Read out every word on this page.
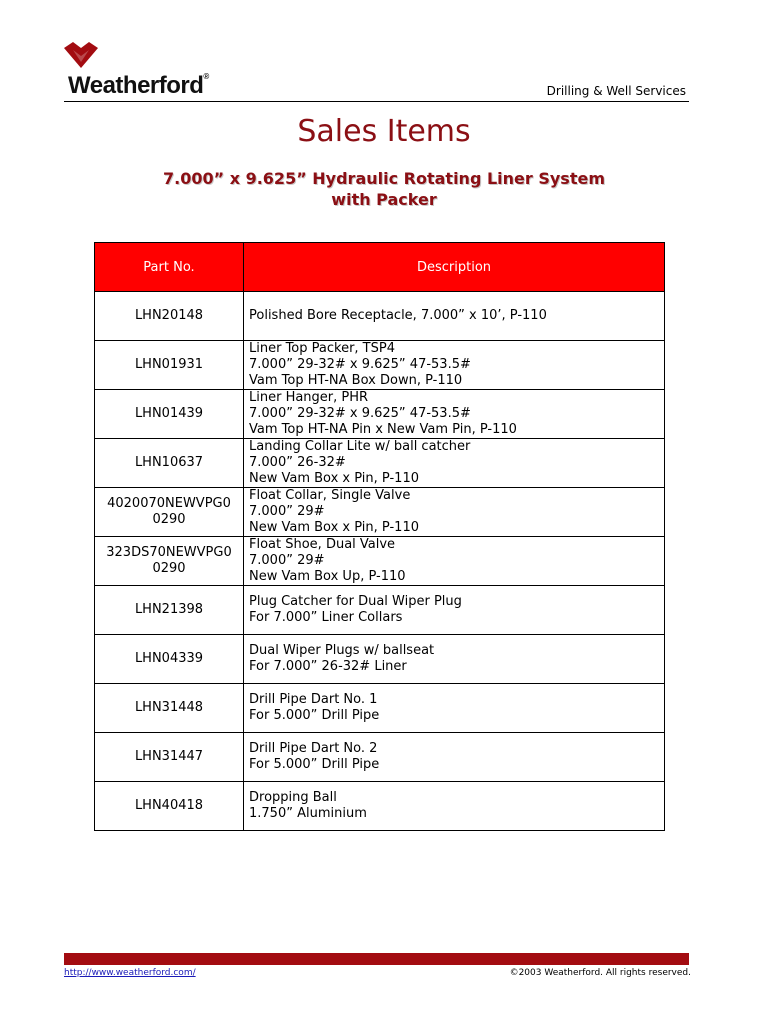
Weatherford®
Drilling & Well Services
Sales Items
7.000” x 9.625” Hydraulic Rotating Liner System
with Packer
Part No.	Description

LHN20148	Polished Bore Receptacle, 7.000” x 10’, P-110

LHN01931	Liner Top Packer, TSP4
7.000” 29-32# x 9.625” 47-53.5#
Vam Top HT-NA Box Down, P-110

LHN01439	Liner Hanger, PHR
7.000” 29-32# x 9.625” 47-53.5#
Vam Top HT-NA Pin x New Vam Pin, P-110

LHN10637	Landing Collar Lite w/ ball catcher
7.000” 26-32#
New Vam Box x Pin, P-110

4020070NEWVPG0
0290	Float Collar, Single Valve
7.000” 29#
New Vam Box x Pin, P-110

323DS70NEWVPG0
0290	Float Shoe, Dual Valve
7.000” 29#
New Vam Box Up, P-110

LHN21398	Plug Catcher for Dual Wiper Plug
For 7.000” Liner Collars

LHN04339	Dual Wiper Plugs w/ ballseat
For 7.000” 26-32# Liner

LHN31448	Drill Pipe Dart No. 1
For 5.000” Drill Pipe

LHN31447	Drill Pipe Dart No. 2
For 5.000” Drill Pipe

LHN40418	Dropping Ball
1.750” Aluminium
http://www.weatherford.com/	©2003 Weatherford. All rights reserved.
